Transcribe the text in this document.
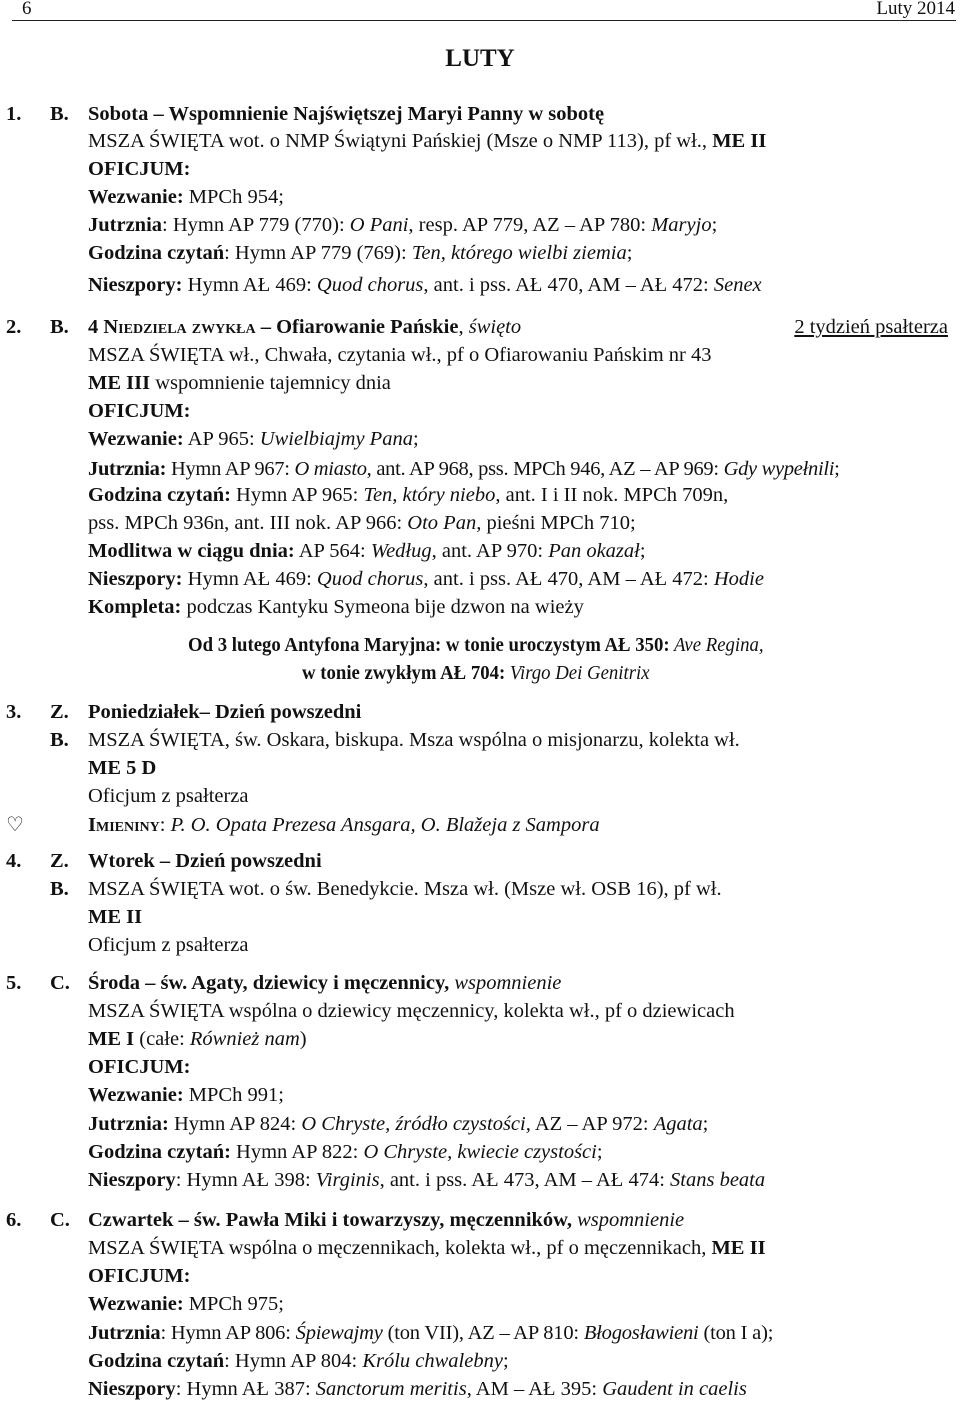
6	Luty 2014
LUTY
1. B. Sobota – Wspomnienie Najświętszej Maryi Panny w sobotę
MSZA ŚWIĘTA wot. o NMP Świątyni Pańskiej (Msze o NMP 113), pf wł., ME II
OFICJUM:
Wezwanie: MPCh 954;
Jutrznia: Hymn AP 779 (770): O Pani, resp. AP 779, AZ – AP 780: Maryjo;
Godzina czytań: Hymn AP 779 (769): Ten, którego wielbi ziemia;
Nieszpory: Hymn AŁ 469: Quod chorus, ant. i pss. AŁ 470, AM – AŁ 472: Senex
2. B. 4 Niedziela zwykła – Ofiarowanie Pańskie, święto	2 tydzień psałterza
MSZA ŚWIĘTA wł., Chwała, czytania wł., pf o Ofiarowaniu Pańskim nr 43
ME III wspomnienie tajemnicy dnia
OFICJUM:
Wezwanie: AP 965: Uwielbiajmy Pana;
Jutrznia: Hymn AP 967: O miasto, ant. AP 968, pss. MPCh 946, AZ – AP 969: Gdy wypełnili;
Godzina czytań: Hymn AP 965: Ten, który niebo, ant. I i II nok. MPCh 709n,
pss. MPCh 936n, ant. III nok. AP 966: Oto Pan, pieśni MPCh 710;
Modlitwa w ciągu dnia: AP 564: Według, ant. AP 970: Pan okazał;
Nieszpory: Hymn AŁ 469: Quod chorus, ant. i pss. AŁ 470, AM – AŁ 472: Hodie
Kompleta: podczas Kantyku Symeona bije dzwon na wieży
Od 3 lutego Antyfona Maryjna: w tonie uroczystym AŁ 350: Ave Regina,
w tonie zwykłym AŁ 704: Virgo Dei Genitrix
3. Z. Poniedziałek– Dzień powszedni
B. MSZA ŚWIĘTA, św. Oskara, biskupa. Msza wspólna o misjonarzu, kolekta wł.
ME 5 D
Oficjum z psałterza
♡	Imieniny: P. O. Opata Prezesa Ansgara, O. Blažeja z Sampora
4. Z. Wtorek – Dzień powszedni
B. MSZA ŚWIĘTA wot. o św. Benedykcie. Msza wł. (Msze wł. OSB 16), pf wł.
ME II
Oficjum z psałterza
5. C. Środa – św. Agaty, dziewicy i męczennicy, wspomnienie
MSZA ŚWIĘTA wspólna o dziewicy męczennicy, kolekta wł., pf o dziewicach
ME I (całe: Również nam)
OFICJUM:
Wezwanie: MPCh 991;
Jutrznia: Hymn AP 824: O Chryste, źródło czystości, AZ – AP 972: Agata;
Godzina czytań: Hymn AP 822: O Chryste, kwiecie czystości;
Nieszpory: Hymn AŁ 398: Virginis, ant. i pss. AŁ 473, AM – AŁ 474: Stans beata
6. C. Czwartek – św. Pawła Miki i towarzyszy, męczenników, wspomnienie
MSZA ŚWIĘTA wspólna o męczennikach, kolekta wł., pf o męczennikach, ME II
OFICJUM:
Wezwanie: MPCh 975;
Jutrznia: Hymn AP 806: Śpiewajmy (ton VII), AZ – AP 810: Błogosławieni (ton I a);
Godzina czytań: Hymn AP 804: Królu chwalebny;
Nieszpory: Hymn AŁ 387: Sanctorum meritis, AM – AŁ 395: Gaudent in caelis
